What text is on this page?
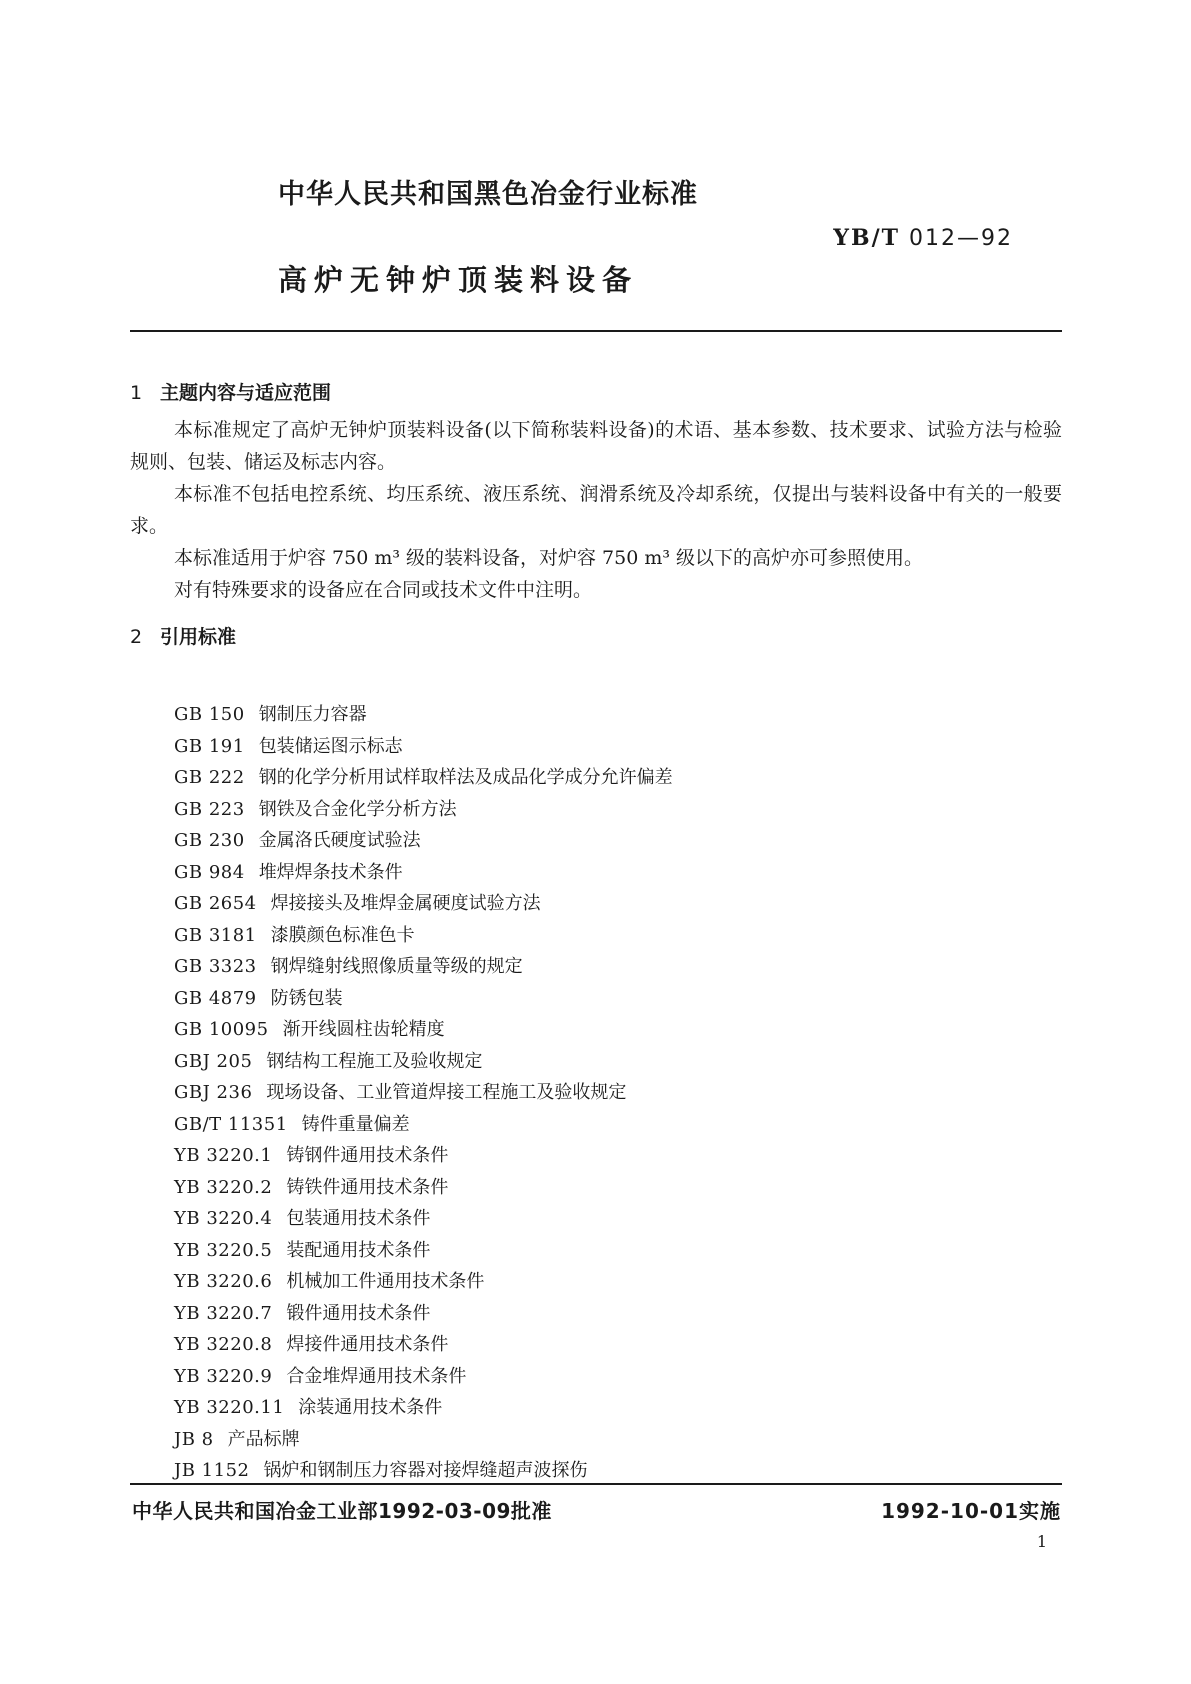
中华人民共和国黑色冶金行业标准
YB/T 012—92
高炉无钟炉顶装料设备
1 主题内容与适应范围
本标准规定了高炉无钟炉顶装料设备(以下简称装料设备)的术语、基本参数、技术要求、试验方法与检验规则、包装、储运及标志内容。
本标准不包括电控系统、均压系统、液压系统、润滑系统及冷却系统，仅提出与装料设备中有关的一般要求。
本标准适用于炉容 750 m³ 级的装料设备，对炉容 750 m³ 级以下的高炉亦可参照使用。
对有特殊要求的设备应在合同或技术文件中注明。
2 引用标准
GB 150 钢制压力容器
GB 191 包装储运图示标志
GB 222 钢的化学分析用试样取样法及成品化学成分允许偏差
GB 223 钢铁及合金化学分析方法
GB 230 金属洛氏硬度试验法
GB 984 堆焊焊条技术条件
GB 2654 焊接接头及堆焊金属硬度试验方法
GB 3181 漆膜颜色标准色卡
GB 3323 钢焊缝射线照像质量等级的规定
GB 4879 防锈包装
GB 10095 渐开线圆柱齿轮精度
GBJ 205 钢结构工程施工及验收规定
GBJ 236 现场设备、工业管道焊接工程施工及验收规定
GB/T 11351 铸件重量偏差
YB 3220.1 铸钢件通用技术条件
YB 3220.2 铸铁件通用技术条件
YB 3220.4 包装通用技术条件
YB 3220.5 装配通用技术条件
YB 3220.6 机械加工件通用技术条件
YB 3220.7 锻件通用技术条件
YB 3220.8 焊接件通用技术条件
YB 3220.9 合金堆焊通用技术条件
YB 3220.11 涂装通用技术条件
JB 8 产品标牌
JB 1152 锅炉和钢制压力容器对接焊缝超声波探伤
中华人民共和国冶金工业部1992-03-09批准	1992-10-01实施
1
